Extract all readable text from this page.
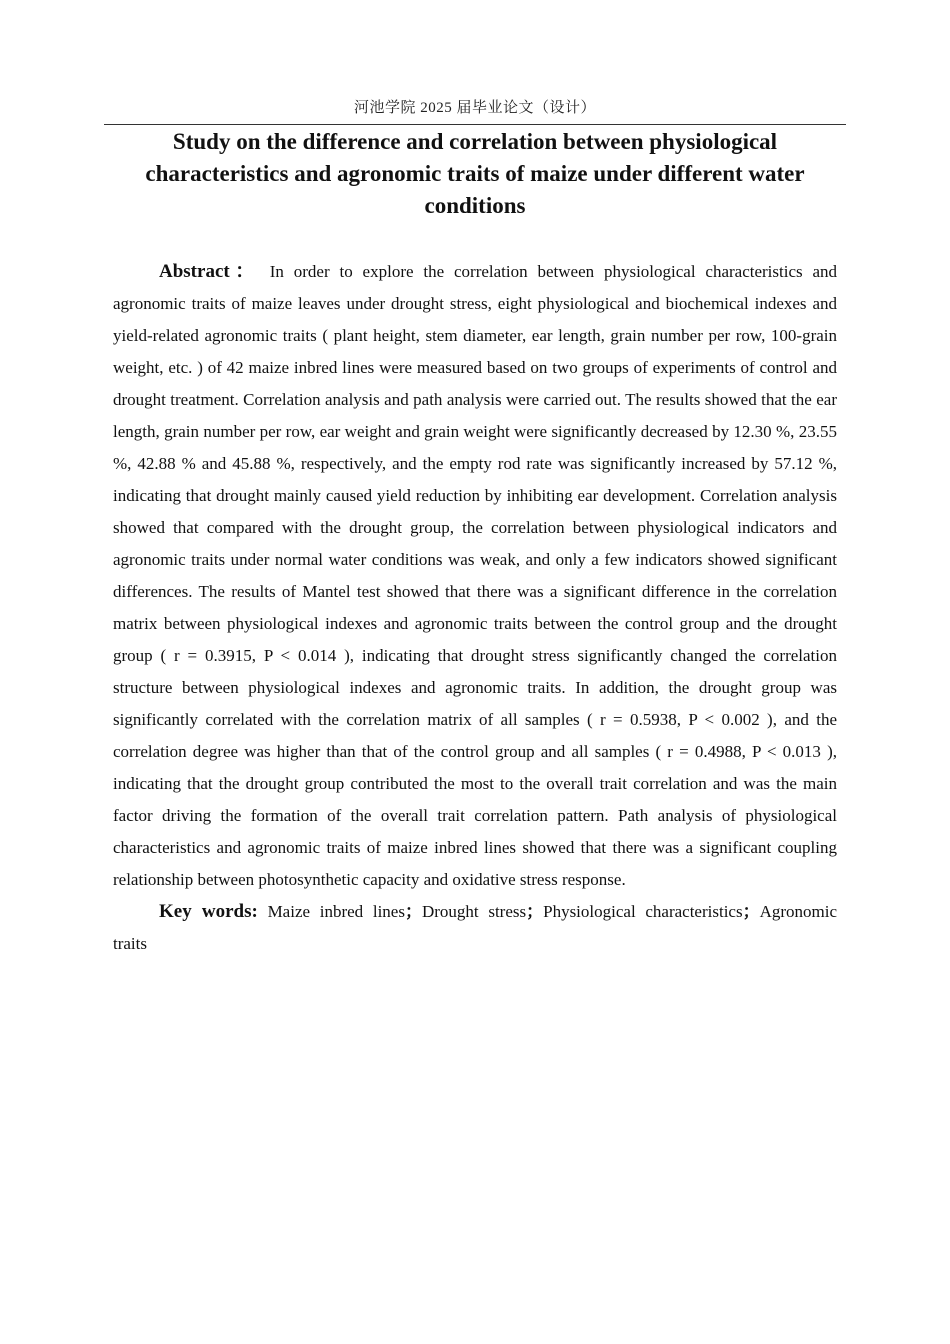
河池学院 2025 届毕业论文（设计）
Study on the difference and correlation between physiological characteristics and agronomic traits of maize under different water conditions

Abstract： In order to explore the correlation between physiological characteristics and agronomic traits of maize leaves under drought stress, eight physiological and biochemical indexes and yield-related agronomic traits ( plant height, stem diameter, ear length, grain number per row, 100-grain weight, etc. ) of 42 maize inbred lines were measured based on two groups of experiments of control and drought treatment. Correlation analysis and path analysis were carried out. The results showed that the ear length, grain number per row, ear weight and grain weight were significantly decreased by 12.30 %, 23.55 %, 42.88 % and 45.88 %, respectively, and the empty rod rate was significantly increased by 57.12 %, indicating that drought mainly caused yield reduction by inhibiting ear development. Correlation analysis showed that compared with the drought group, the correlation between physiological indicators and agronomic traits under normal water conditions was weak, and only a few indicators showed significant differences. The results of Mantel test showed that there was a significant difference in the correlation matrix between physiological indexes and agronomic traits between the control group and the drought group ( r = 0.3915, P < 0.014 ), indicating that drought stress significantly changed the correlation structure between physiological indexes and agronomic traits. In addition, the drought group was significantly correlated with the correlation matrix of all samples ( r = 0.5938, P < 0.002 ), and the correlation degree was higher than that of the control group and all samples ( r = 0.4988, P < 0.013 ), indicating that the drought group contributed the most to the overall trait correlation and was the main factor driving the formation of the overall trait correlation pattern. Path analysis of physiological characteristics and agronomic traits of maize inbred lines showed that there was a significant coupling relationship between photosynthetic capacity and oxidative stress response.

Key words: Maize inbred lines；Drought stress；Physiological characteristics；Agronomic traits
